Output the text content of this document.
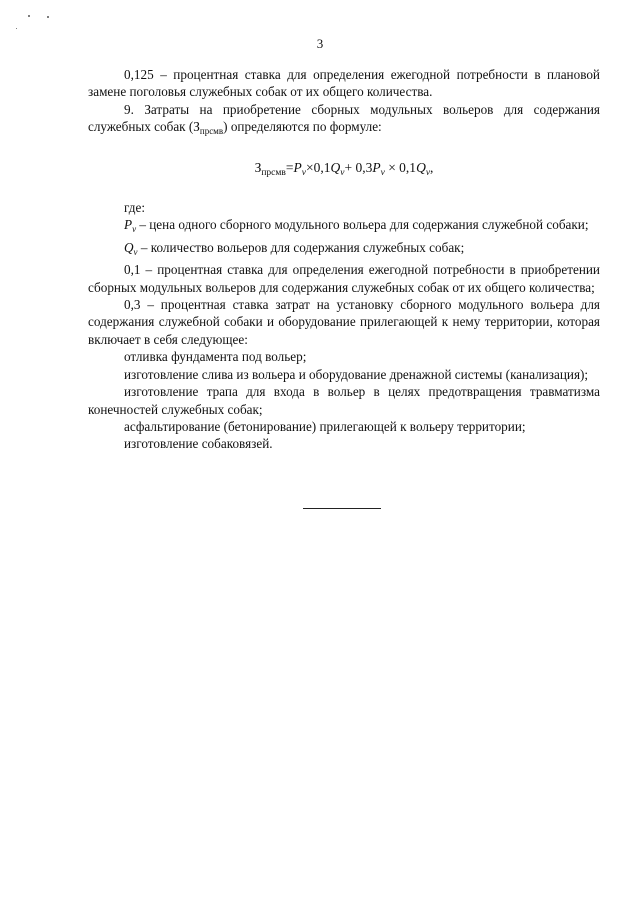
3

0,125 – процентная ставка для определения ежегодной потребности в плановой замене поголовья служебных собак от их общего количества.

9. Затраты на приобретение сборных модульных вольеров для содержания служебных собак $(З_{прсмв})$ определяются по формуле:

$З_{прсмв}=P_v\times 0,1Q_v+ 0,3P_v \times 0,1Q_v$,

где:

$P_v$ – цена одного сборного модульного вольера для содержания служебной собаки;

$Q_v$ – количество вольеров для содержания служебных собак;

0,1 – процентная ставка для определения ежегодной потребности в приобретении сборных модульных вольеров для содержания служебных собак от их общего количества;

0,3 – процентная ставка затрат на установку сборного модульного вольера для содержания служебной собаки и оборудование прилегающей к нему территории, которая включает в себя следующее:

отливка фундамента под вольер;

изготовление слива из вольера и оборудование дренажной системы (канализация);

изготовление трапа для входа в вольер в целях предотвращения травматизма конечностей служебных собак;

асфальтирование (бетонирование) прилегающей к вольеру территории;

изготовление собаковязей.
